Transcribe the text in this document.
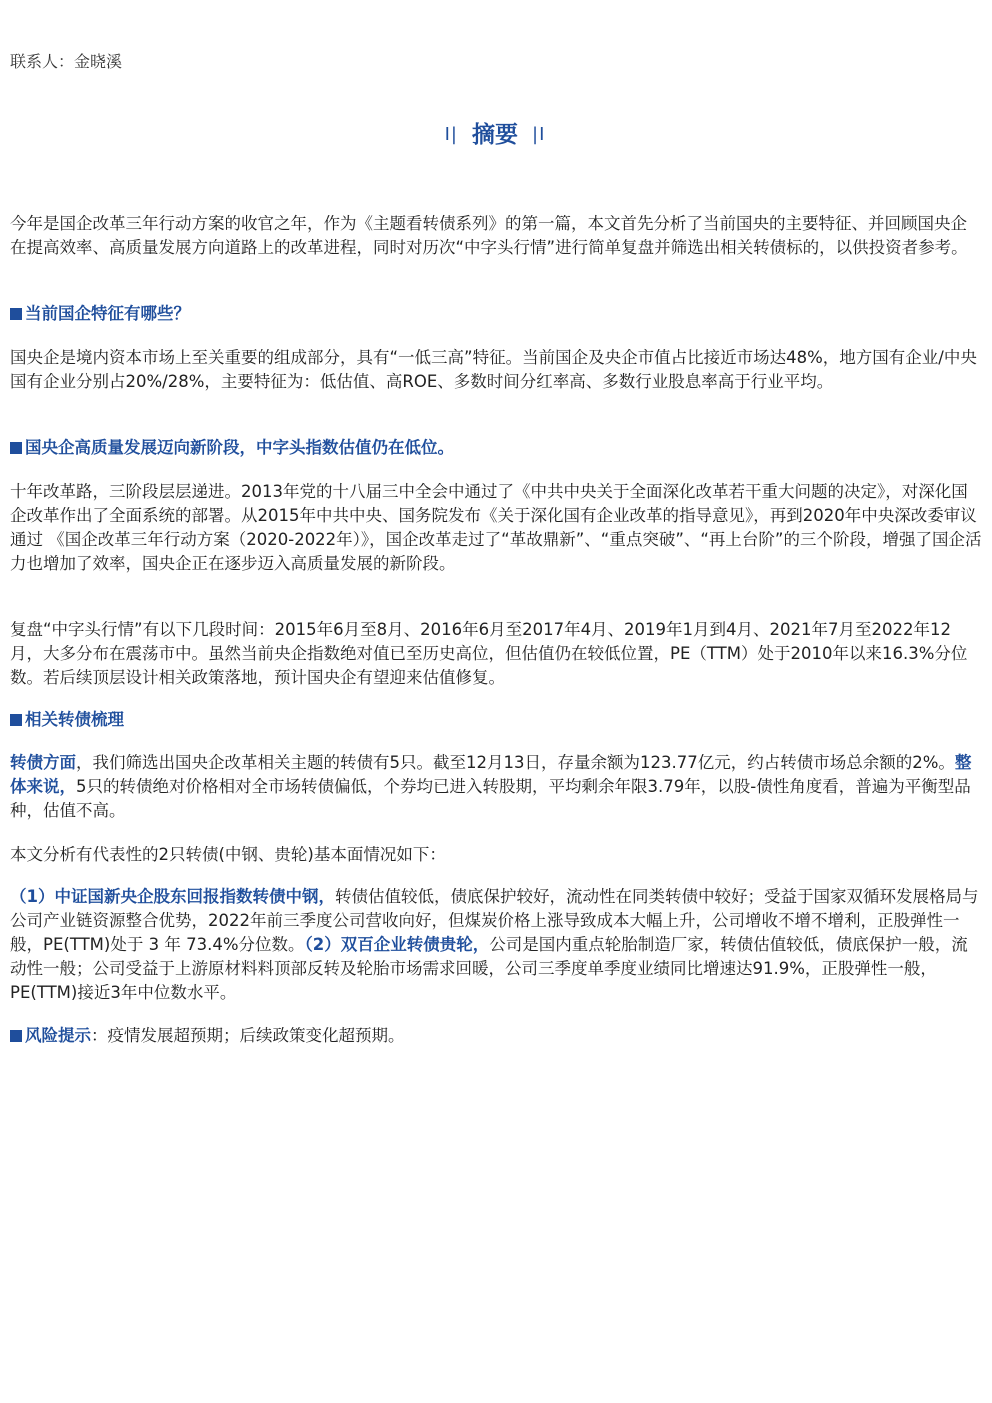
联系人：金晓溪
I| 摘要 |I
今年是国企改革三年行动方案的收官之年，作为《主题看转债系列》的第一篇，本文首先分析了当前国央的主要特征、并回顾国央企在提高效率、高质量发展方向道路上的改革进程，同时对历次“中字头行情”进行简单复盘并筛选出相关转债标的，以供投资者参考。
当前国企特征有哪些？
国央企是境内资本市场上至关重要的组成部分，具有“一低三高”特征。当前国企及央企市值占比接近市场达48%，地方国有企业/中央国有企业分别占20%/28%，主要特征为：低估值、高ROE、多数时间分红率高、多数行业股息率高于行业平均。
国央企高质量发展迈向新阶段，中字头指数估值仍在低位。
十年改革路，三阶段层层递进。2013年党的十八届三中全会中通过了《中共中央关于全面深化改革若干重大问题的决定》，对深化国企改革作出了全面系统的部署。从2015年中共中央、国务院发布《关于深化国有企业改革的指导意见》，再到2020年中央深改委审议通过 《国企改革三年行动方案（2020-2022年）》，国企改革走过了“革故鼎新”、“重点突破”、“再上台阶”的三个阶段，增强了国企活力也增加了效率，国央企正在逐步迈入高质量发展的新阶段。
复盘“中字头行情”有以下几段时间：2015年6月至8月、2016年6月至2017年4月、2019年1月到4月、2021年7月至2022年12月，大多分布在震荡市中。虽然当前央企指数绝对值已至历史高位，但估值仍在较低位置，PE（TTM）处于2010年以来16.3%分位数。若后续顶层设计相关政策落地，预计国央企有望迎来估值修复。
相关转债梳理
转债方面，我们筛选出国央企改革相关主题的转债有5只。截至12月13日，存量余额为123.77亿元，约占转债市场总余额的2%。整体来说，5只的转债绝对价格相对全市场转债偏低，个券均已进入转股期，平均剩余年限3.79年，以股-债性角度看，普遍为平衡型品种，估值不高。
本文分析有代表性的2只转债(中钢、贵轮)基本面情况如下：
（1）中证国新央企股东回报指数转债中钢，转债估值较低，债底保护较好，流动性在同类转债中较好；受益于国家双循环发展格局与公司产业链资源整合优势，2022年前三季度公司营收向好，但煤炭价格上涨导致成本大幅上升，公司增收不增不增利，正股弹性一般，PE(TTM)处于 3 年 73.4%分位数。（2）双百企业转债贵轮，公司是国内重点轮胎制造厂家，转债估值较低，债底保护一般，流动性一般；公司受益于上游原材料料顶部反转及轮胎市场需求回暖，公司三季度单季度业绩同比增速达91.9%，正股弹性一般，PE(TTM)接近3年中位数水平。
风险提示：疫情发展超预期；后续政策变化超预期。
